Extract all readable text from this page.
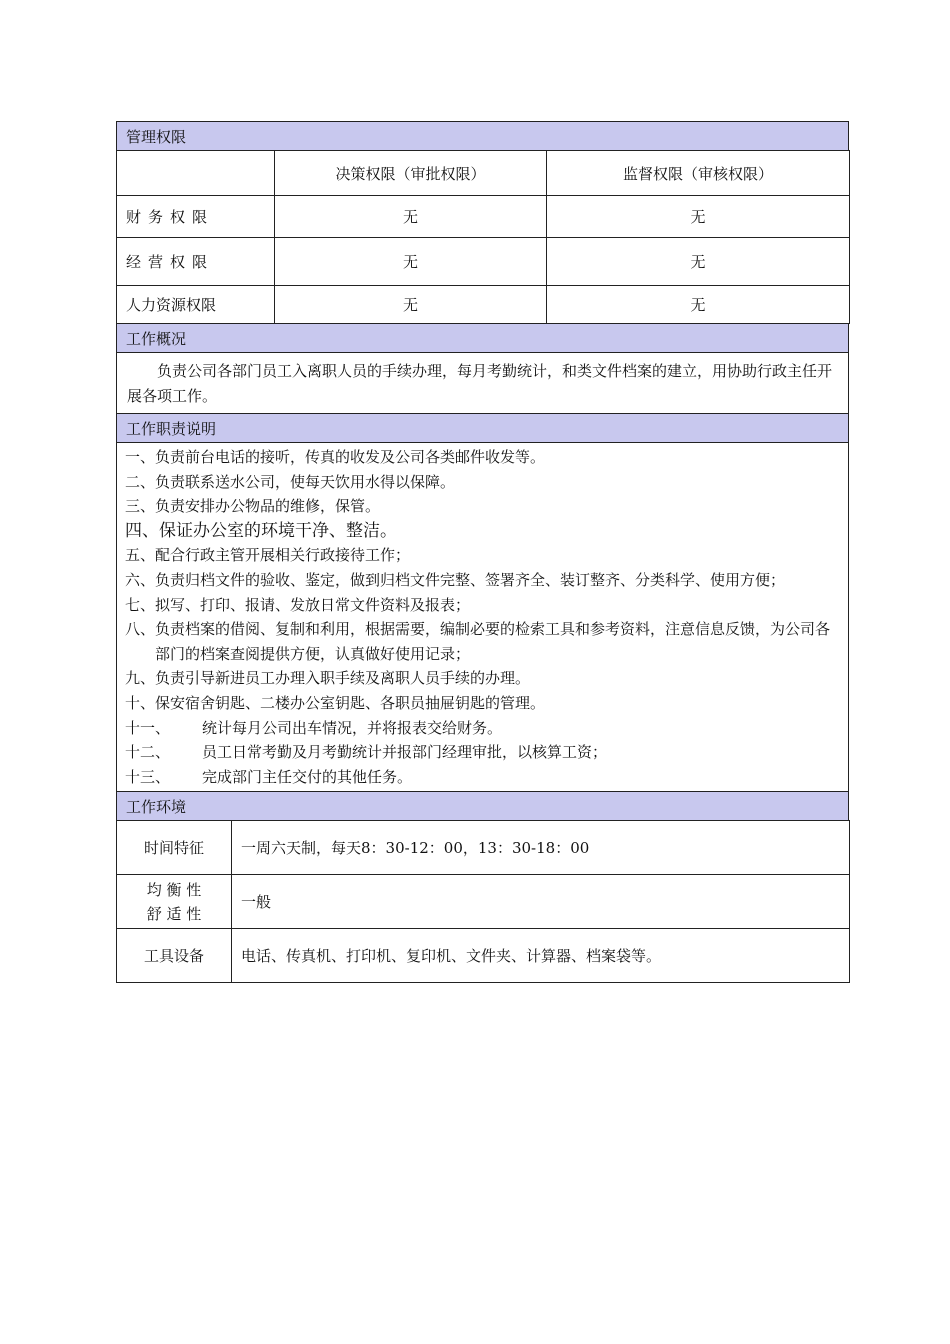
管理权限
	决策权限（审批权限）	监督权限（审核权限）
财务权限	无	无
经营权限	无	无
人力资源权限	无	无
工作概况
负责公司各部门员工入离职人员的手续办理，每月考勤统计，和类文件档案的建立，用协助行政主任开展各项工作。
工作职责说明
一、 负责前台电话的接听，传真的收发及公司各类邮件收发等。
二、 负责联系送水公司，使每天饮用水得以保障。
三、 负责安排办公物品的维修，保管。
四、 保证办公室的环境干净、整洁。
五、 配合行政主管开展相关行政接待工作；
六、 负责归档文件的验收、鉴定，做到归档文件完整、签署齐全、装订整齐、分类科学、使用方便；
七、 拟写、打印、报请、发放日常文件资料及报表；
八、 负责档案的借阅、复制和利用，根据需要，编制必要的检索工具和参考资料，注意信息反馈，为公司各部门的档案查阅提供方便，认真做好使用记录；
九、 负责引导新进员工办理入职手续及离职人员手续的办理。
十、 保安宿舍钥匙、二楼办公室钥匙、各职员抽屉钥匙的管理。
十一、	统计每月公司出车情况，并将报表交给财务。
十二、	员工日常考勤及月考勤统计并报部门经理审批，以核算工资；
十三、	完成部门主任交付的其他任务。
工作环境
时间特征	一周六天制，每天8：30-12：00，13：30-18：00

均 衡 性
舒 适 性	一般
工具设备	电话、传真机、打印机、复印机、文件夹、计算器、档案袋等。
